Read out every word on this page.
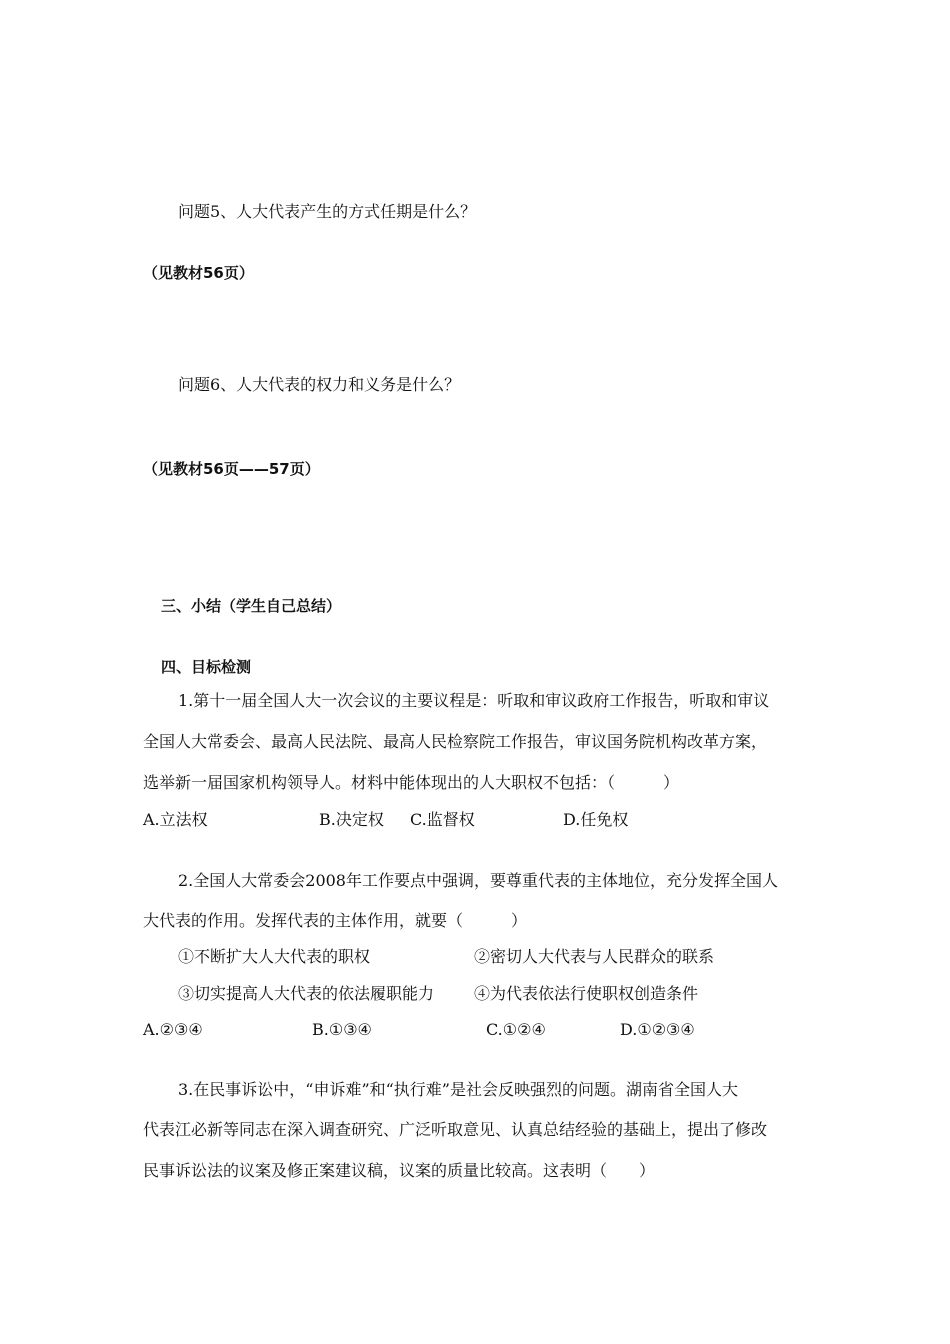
问题5、人大代表产生的方式任期是什么？
（见教材56页）
问题6、人大代表的权力和义务是什么？
（见教材56页——57页）
三、小结（学生自己总结）
四、目标检测
1.第十一届全国人大一次会议的主要议程是：听取和审议政府工作报告，听取和审议
全国人大常委会、最高人民法院、最高人民检察院工作报告，审议国务院机构改革方案，
选举新一届国家机构领导人。材料中能体现出的人大职权不包括：（　　　）
A.立法权	B.决定权 C.监督权	D.任免权
2.全国人大常委会2008年工作要点中强调，要尊重代表的主体地位，充分发挥全国人
大代表的作用。发挥代表的主体作用，就要（　　　）
①不断扩大人大代表的职权	②密切人大代表与人民群众的联系
③切实提高人大代表的依法履职能力 ④为代表依法行使职权创造条件
A.②③④	B.①③④	C.①②④	D.①②③④
3.在民事诉讼中，“申诉难”和“执行难”是社会反映强烈的问题。湖南省全国人大
代表江必新等同志在深入调查研究、广泛听取意见、认真总结经验的基础上，提出了修改
民事诉讼法的议案及修正案建议稿，议案的质量比较高。这表明（　　）
